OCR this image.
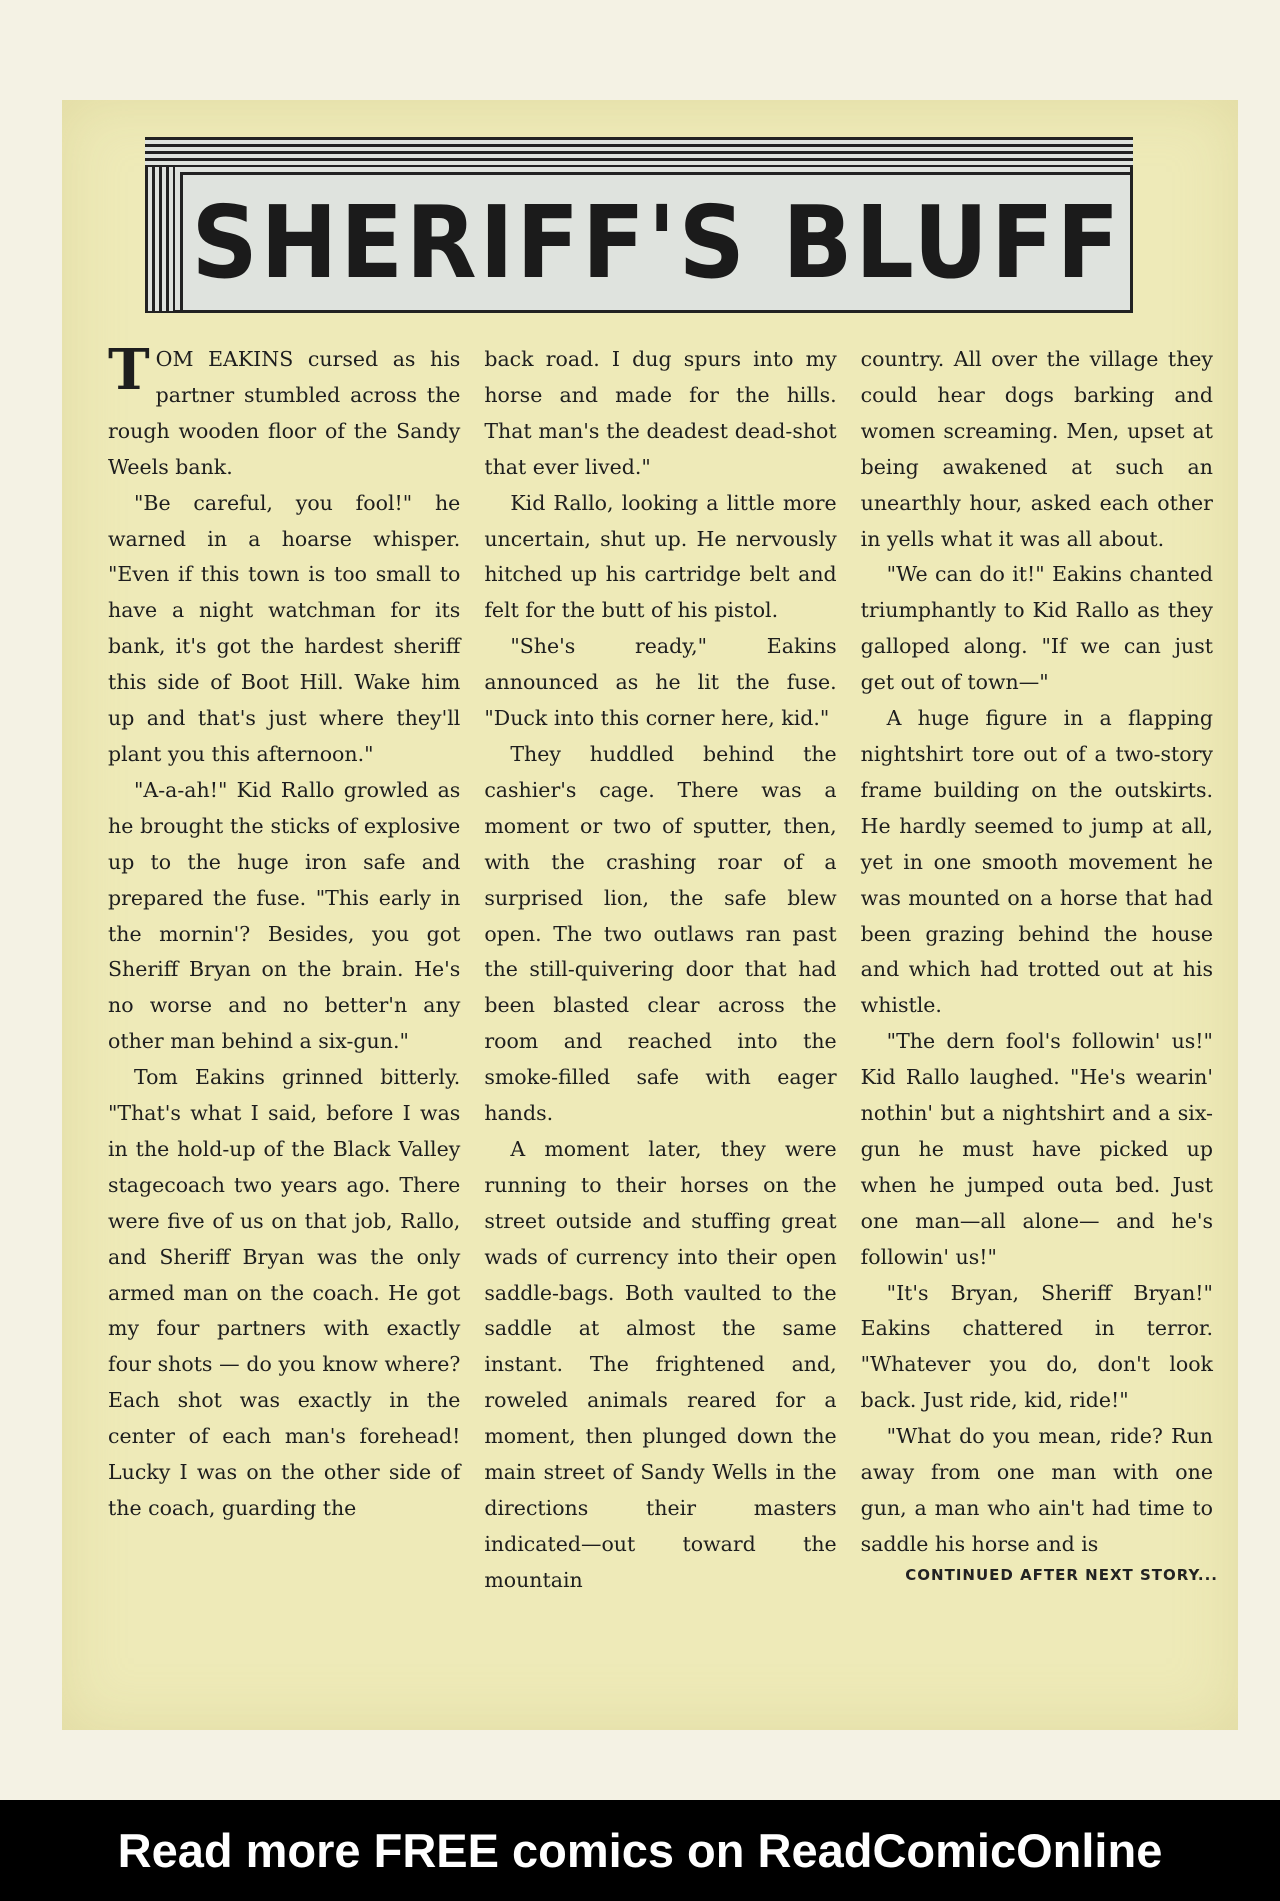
SHERIFF'S BLUFF

TOM EAKINS cursed as his partner stumbled across the rough wooden floor of the Sandy Weels bank.

"Be careful, you fool!" he warned in a hoarse whisper. "Even if this town is too small to have a night watchman for its bank, it's got the hardest sheriff this side of Boot Hill. Wake him up and that's just where they'll plant you this afternoon."

"A-a-ah!" Kid Rallo growled as he brought the sticks of explosive up to the huge iron safe and prepared the fuse. "This early in the mornin'? Besides, you got Sheriff Bryan on the brain. He's no worse and no better'n any other man behind a six-gun."

Tom Eakins grinned bitterly. "That's what I said, before I was in the hold-up of the Black Valley stagecoach two years ago. There were five of us on that job, Rallo, and Sheriff Bryan was the only armed man on the coach. He got my four partners with exactly four shots — do you know where? Each shot was exactly in the center of each man's forehead! Lucky I was on the other side of the coach, guarding the

back road. I dug spurs into my horse and made for the hills. That man's the deadest dead-shot that ever lived."

Kid Rallo, looking a little more uncertain, shut up. He nervously hitched up his cartridge belt and felt for the butt of his pistol.

"She's ready," Eakins announced as he lit the fuse. "Duck into this corner here, kid."

They huddled behind the cashier's cage. There was a moment or two of sputter, then, with the crashing roar of a surprised lion, the safe blew open. The two outlaws ran past the still-quivering door that had been blasted clear across the room and reached into the smoke-filled safe with eager hands.

A moment later, they were running to their horses on the street outside and stuffing great wads of currency into their open saddle-bags. Both vaulted to the saddle at almost the same instant. The frightened and, roweled animals reared for a moment, then plunged down the main street of Sandy Wells in the directions their masters indicated—out toward the mountain

country. All over the village they could hear dogs barking and women screaming. Men, upset at being awakened at such an unearthly hour, asked each other in yells what it was all about.

"We can do it!" Eakins chanted triumphantly to Kid Rallo as they galloped along. "If we can just get out of town—"

A huge figure in a flapping nightshirt tore out of a two-story frame building on the outskirts. He hardly seemed to jump at all, yet in one smooth movement he was mounted on a horse that had been grazing behind the house and which had trotted out at his whistle.

"The dern fool's followin' us!" Kid Rallo laughed. "He's wearin' nothin' but a nightshirt and a six-gun he must have picked up when he jumped outa bed. Just one man—all alone— and he's followin' us!"

"It's Bryan, Sheriff Bryan!" Eakins chattered in terror. "Whatever you do, don't look back. Just ride, kid, ride!"

"What do you mean, ride? Run away from one man with one gun, a man who ain't had time to saddle his horse and is

CONTINUED AFTER NEXT STORY...
Read more FREE comics on ReadComicOnline
